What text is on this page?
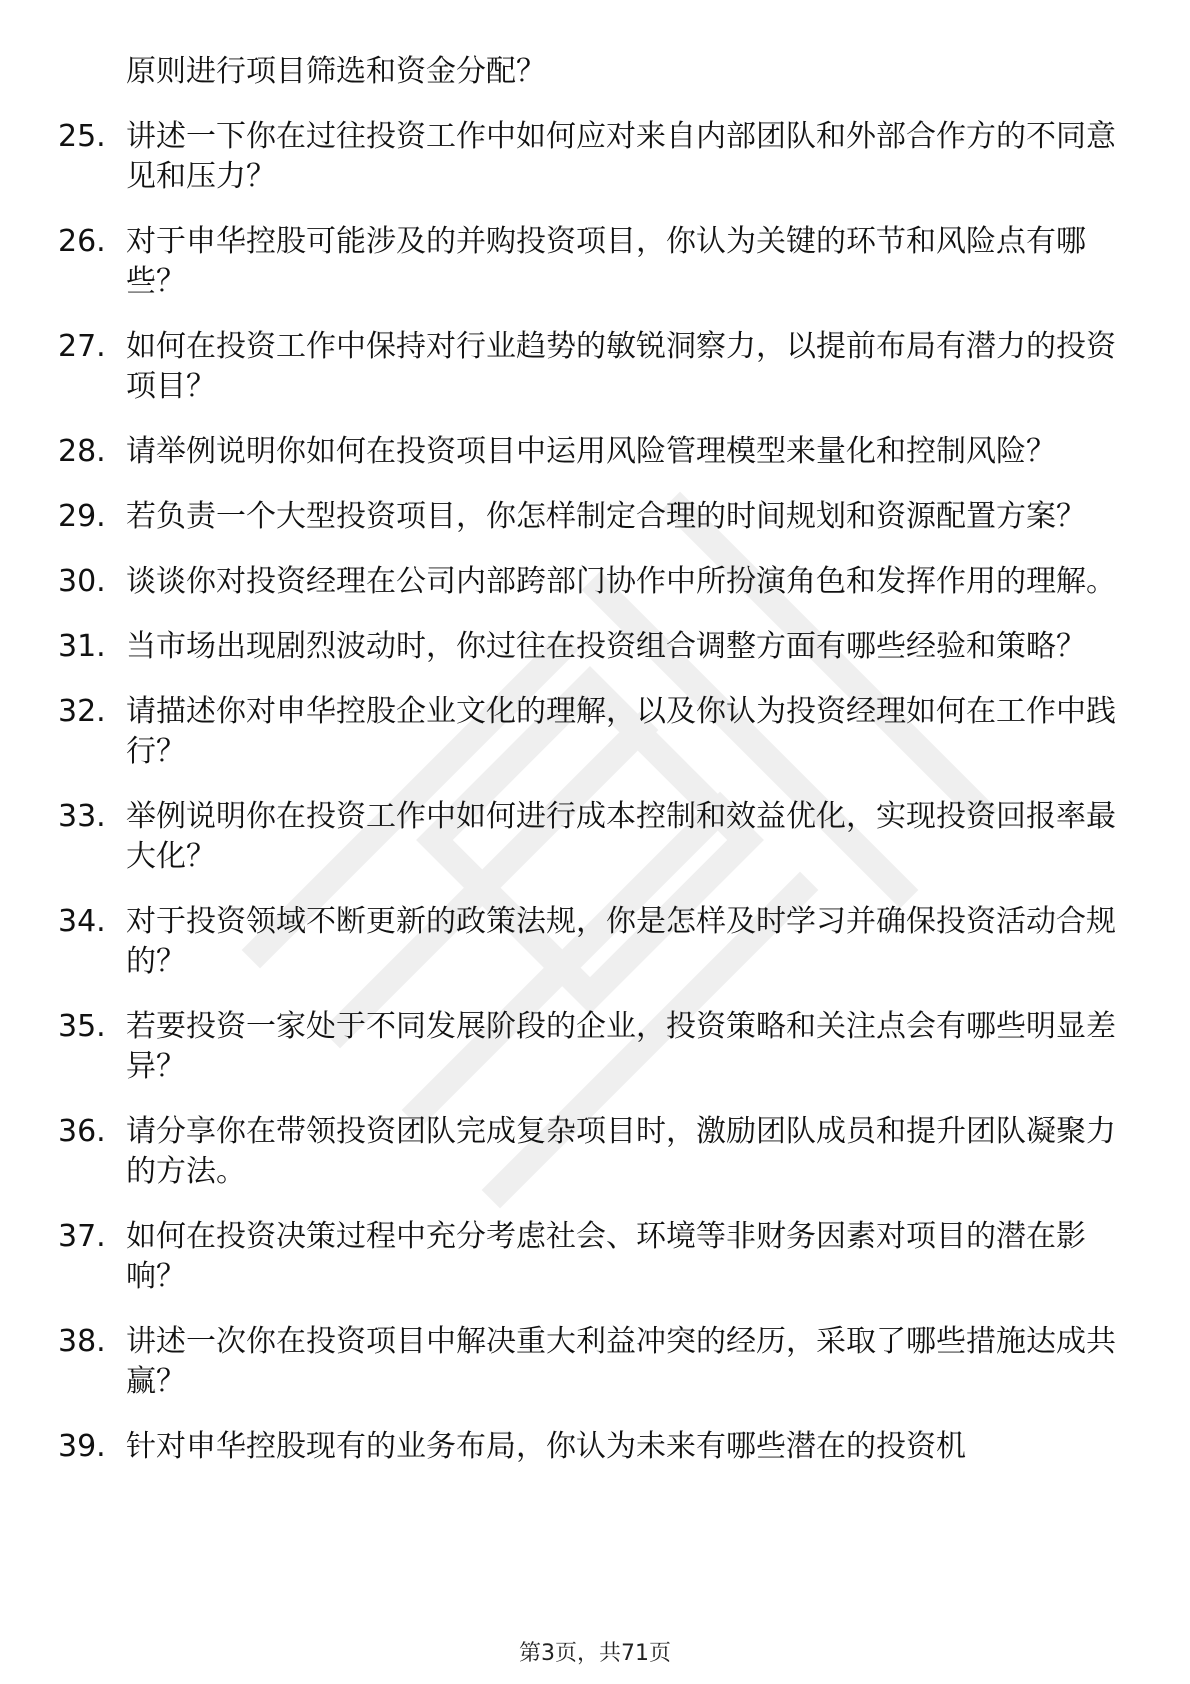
原则进行项目筛选和资金分配？
25. 讲述一下你在过往投资工作中如何应对来自内部团队和外部合作方的不同意见和压力？
26. 对于申华控股可能涉及的并购投资项目，你认为关键的环节和风险点有哪些？
27. 如何在投资工作中保持对行业趋势的敏锐洞察力，以提前布局有潜力的投资项目？
28. 请举例说明你如何在投资项目中运用风险管理模型来量化和控制风险？
29. 若负责一个大型投资项目，你怎样制定合理的时间规划和资源配置方案？
30. 谈谈你对投资经理在公司内部跨部门协作中所扮演角色和发挥作用的理解。
31. 当市场出现剧烈波动时，你过往在投资组合调整方面有哪些经验和策略？
32. 请描述你对申华控股企业文化的理解，以及你认为投资经理如何在工作中践行？
33. 举例说明你在投资工作中如何进行成本控制和效益优化，实现投资回报率最大化？
34. 对于投资领域不断更新的政策法规，你是怎样及时学习并确保投资活动合规的？
35. 若要投资一家处于不同发展阶段的企业，投资策略和关注点会有哪些明显差异？
36. 请分享你在带领投资团队完成复杂项目时，激励团队成员和提升团队凝聚力的方法。
37. 如何在投资决策过程中充分考虑社会、环境等非财务因素对项目的潜在影响？
38. 讲述一次你在投资项目中解决重大利益冲突的经历，采取了哪些措施达成共赢？
39. 针对申华控股现有的业务布局，你认为未来有哪些潜在的投资机
第3页，共71页
